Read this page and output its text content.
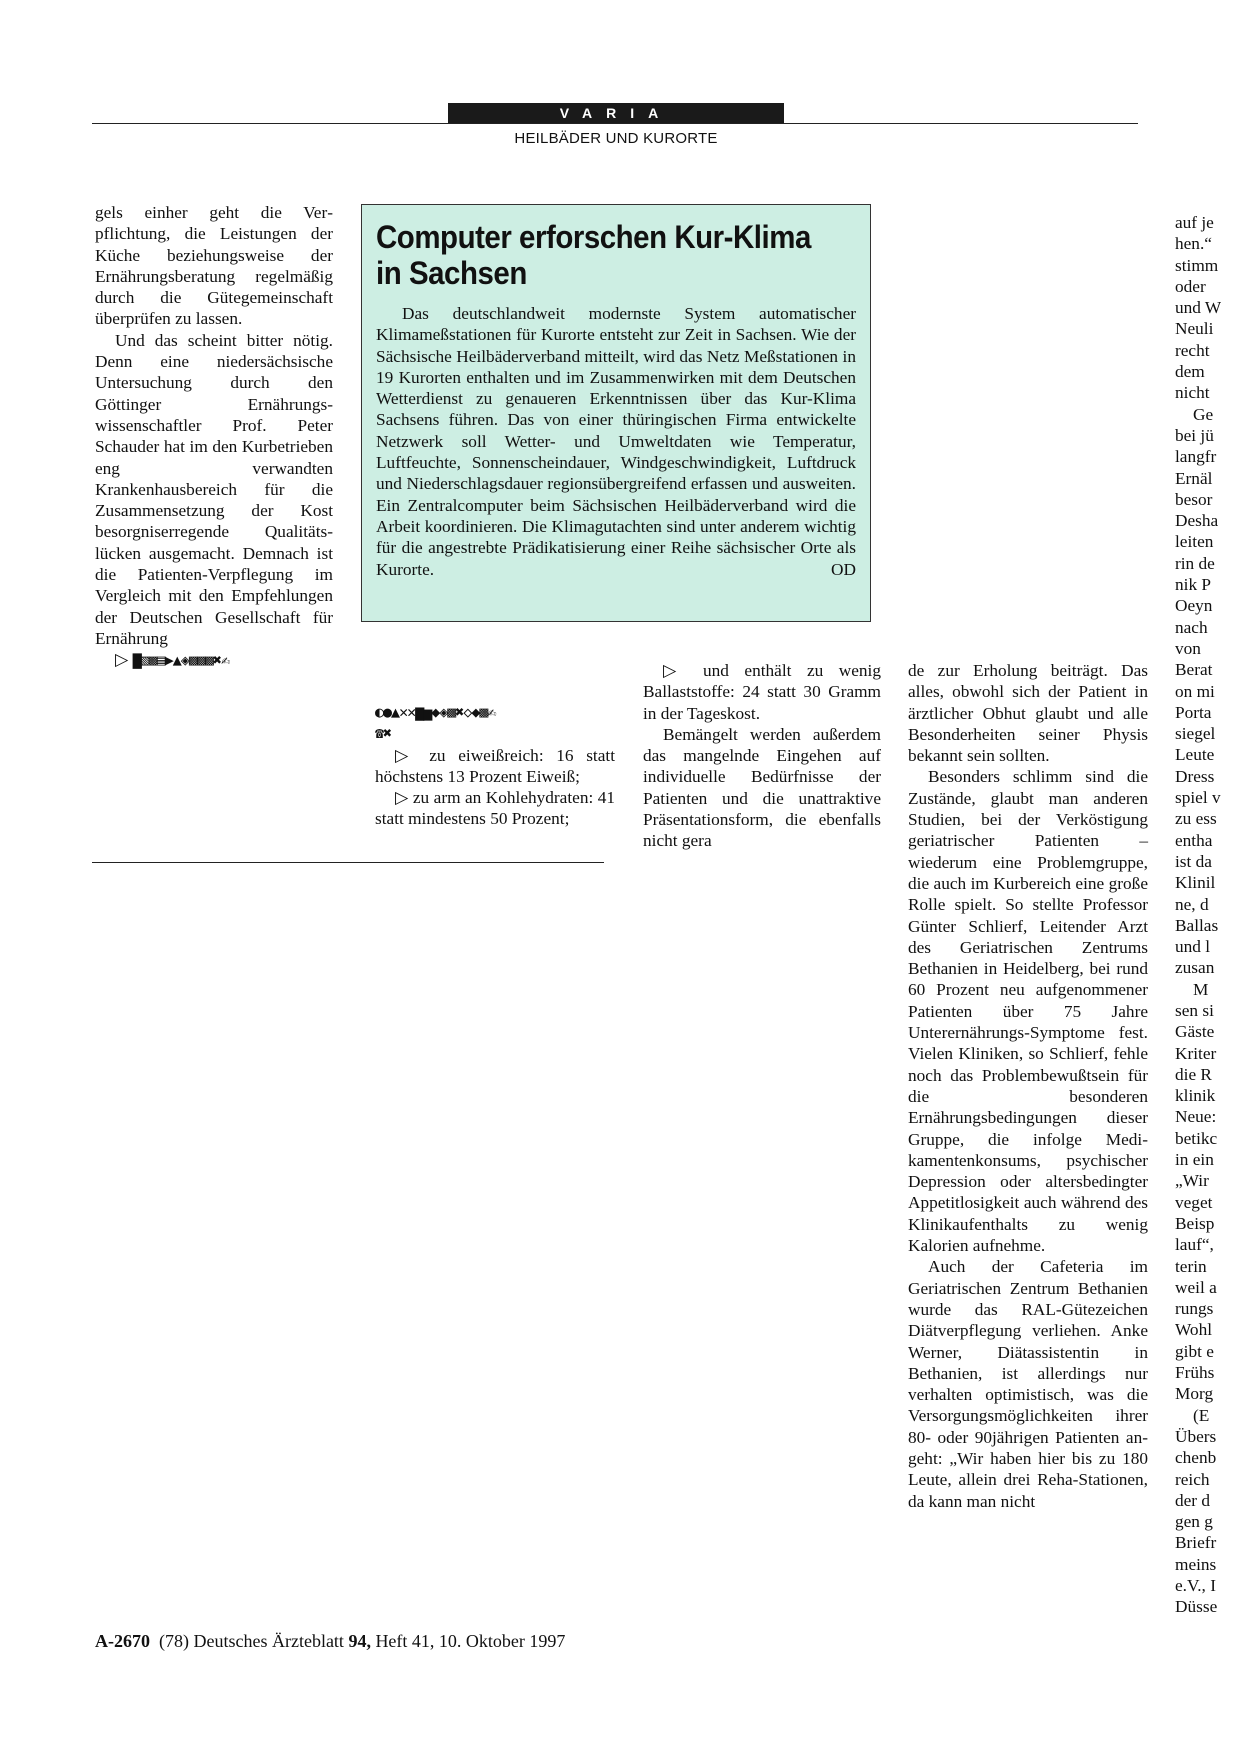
VARIA
HEILBÄDER UND KURORTE

gels einher geht die Verpflichtung, die Leistungen der Küche beziehungsweise der Ernährungsberatung regelmäßig durch die Gütegemeinschaft überprüfen zu lassen.

Und das scheint bitter nötig. Denn eine niedersächsische Untersuchung durch den Göttinger Ernährungswissenschaftler Prof. Peter Schauder hat im den Kurbetrieben eng verwandten Krankenhausbereich für die Zusammensetzung der Kost besorgniserregende Qualitätslücken ausgemacht. Demnach ist die Patienten-Verpflegung im Vergleich mit den Empfehlungen der Deutschen Gesellschaft für Ernährung

▷ ▇▧▩▤▶▲◈▩▩▩✖✍

Computer erforschen Kur-Klima in Sachsen
Das deutschlandweit modernste System automatischer Klimameßstationen für Kurorte entsteht zur Zeit in Sachsen. Wie der Sächsische Heilbäderverband mitteilt, wird das Netz Meßstationen in 19 Kurorten enthalten und im Zusammenwirken mit dem Deutschen Wetterdienst zu genaueren Erkenntnissen über das Kur-Klima Sachsens führen. Das von einer thüringischen Firma entwickelte Netzwerk soll Wetter- und Umweltdaten wie Temperatur, Luftfeuchte, Sonnenscheindauer, Windgeschwindigkeit, Luftdruck und Niederschlagsdauer regionsübergreifend erfassen und ausweiten. Ein Zentralcomputer beim Sächsischen Heilbäderverband wird die Arbeit koordinieren. Die Klimagutachten sind unter anderem wichtig für die angestrebte Prädikatisierung einer Reihe sächsischer Orte als Kurorte.	OD

◐●▲✕✕▆▅◆◈▩✖◇◆▩✍

☎✖

▷ zu eiweißreich: 16 statt höchstens 13 Prozent Eiweiß;

▷ zu arm an Kohlehydraten: 41 statt mindestens 50 Prozent;

▷ und enthält zu wenig Ballaststoffe: 24 statt 30 Gramm in der Tageskost.

Bemängelt werden außerdem das mangelnde Eingehen auf individuelle Bedürfnisse der Patienten und die unattraktive Präsentationsform, die ebenfalls nicht gera

de zur Erholung beiträgt. Das alles, obwohl sich der Patient in ärztlicher Obhut glaubt und alle Besonderheiten seiner Physis bekannt sein sollten.

Besonders schlimm sind die Zustände, glaubt man anderen Studien, bei der Verköstigung geriatrischer Patienten – wiederum eine Problemgruppe, die auch im Kurbereich eine große Rolle spielt. So stellte Professor Günter Schlierf, Leitender Arzt des Geriatrischen Zentrums Bethanien in Heidelberg, bei rund 60 Prozent neu aufgenommener Patienten über 75 Jahre Unterernährungs-Symptome fest. Vielen Kliniken, so Schlierf, fehle noch das Problembewußtsein für die besonderen Ernährungsbedingungen dieser Gruppe, die infolge Medikamentenkonsums, psychischer Depression oder altersbedingter Appetitlosigkeit auch während des Klinikaufenthalts zu wenig Kalorien aufnehme.

Auch der Cafeteria im Geriatrischen Zentrum Bethanien wurde das RAL-Gütezeichen Diätverpflegung verliehen. Anke Werner, Diätassistentin in Bethanien, ist allerdings nur verhalten optimistisch, was die Versorgungsmöglichkeiten ihrer 80- oder 90jährigen Patienten angeht: „Wir haben hier bis zu 180 Leute, allein drei Reha-Stationen, da kann man nicht

auf je
hen.“
stimm
oder
und W
Neuli
recht
dem
nicht
Ge
bei jü
langfr
Ernäl
besor
Desha
leiten
rin de
nik P
Oeyn
nach
von
Berat
on mi
Porta
siegel
Leute
Dress
spiel v
zu ess
entha
ist da
Klinil
ne, d
Ballas
und l
zusan
M
sen si
Gäste
Kriter
die R
klinik
Neue:
betikc
in ein
„Wir
veget
Beisp
lauf“,
terin
weil a
rungs
Wohl
gibt e
Frühs
Morg
(E
Übers
chenb
reich
der d
gen g
Briefr
meins
e.V., I
Düsse
A-2670 (78) Deutsches Ärzteblatt 94, Heft 41, 10. Oktober 1997
